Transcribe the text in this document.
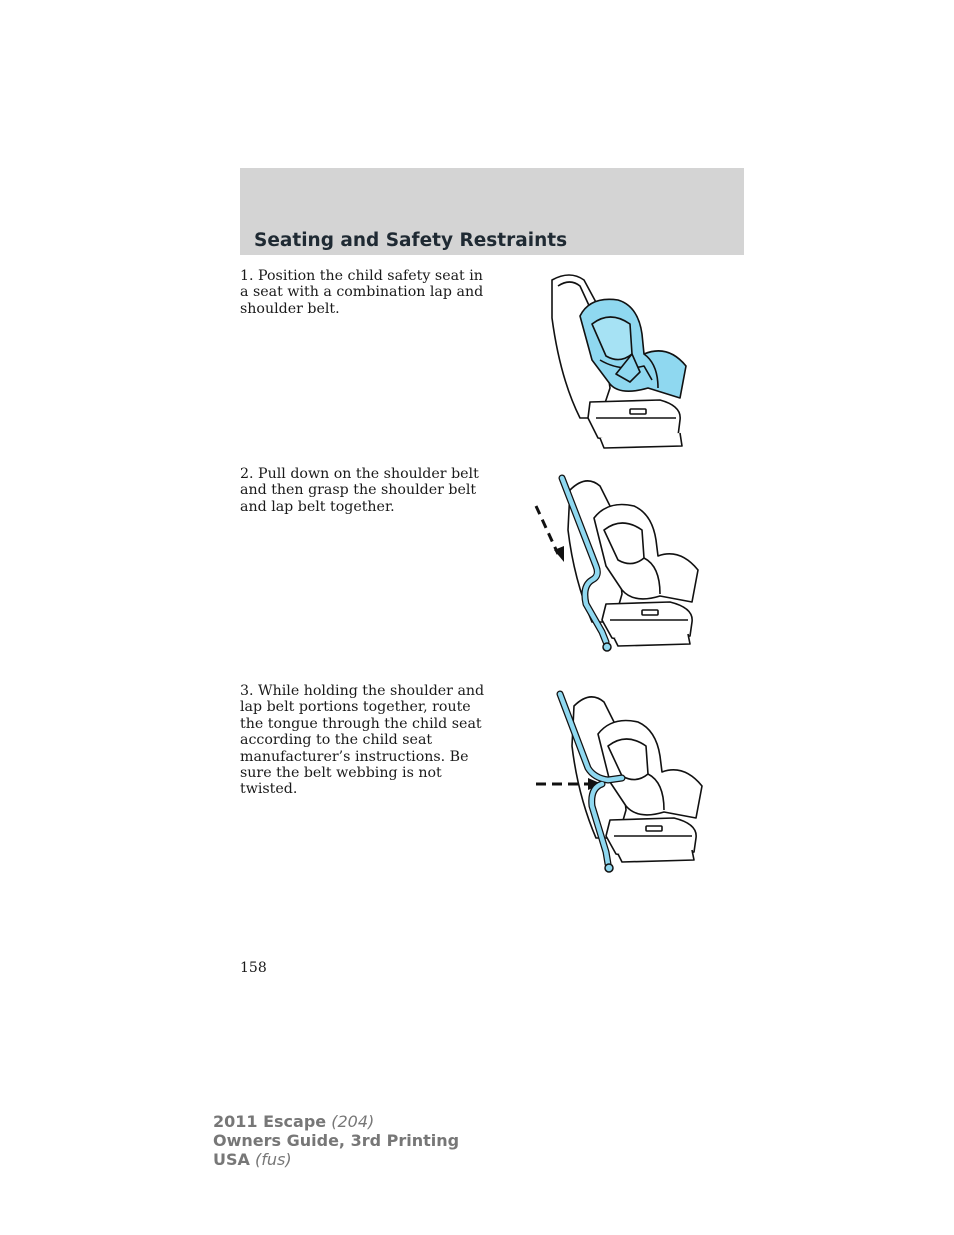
Seating and Safety Restraints

1. Position the child safety seat in a seat with a combination lap and shoulder belt.

2. Pull down on the shoulder belt and then grasp the shoulder belt and lap belt together.

3. While holding the shoulder and lap belt portions together, route the tongue through the child seat according to the child seat manufacturer’s instructions. Be sure the belt webbing is not twisted.

158

2011 Escape (204)
Owners Guide, 3rd Printing
USA (fus)
